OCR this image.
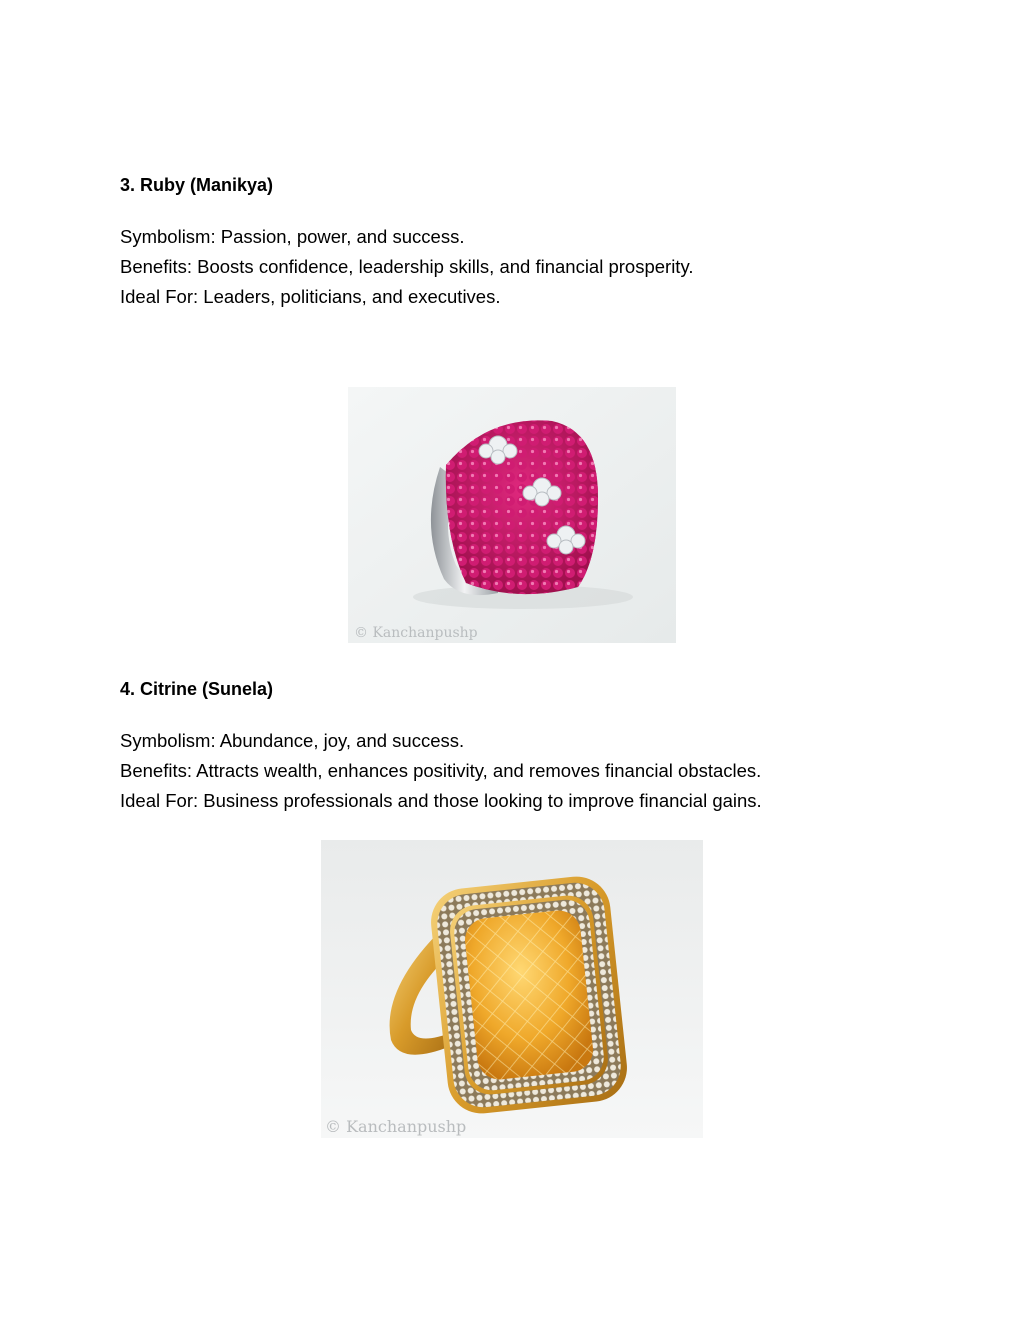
3. Ruby (Manikya)

Symbolism: Passion, power, and success.

Benefits: Boosts confidence, leadership skills, and financial prosperity.

Ideal For: Leaders, politicians, and executives.

© Kanchanpushp
4. Citrine (Sunela)

Symbolism: Abundance, joy, and success.

Benefits: Attracts wealth, enhances positivity, and removes financial obstacles.

Ideal For: Business professionals and those looking to improve financial gains.

© Kanchanpushp
